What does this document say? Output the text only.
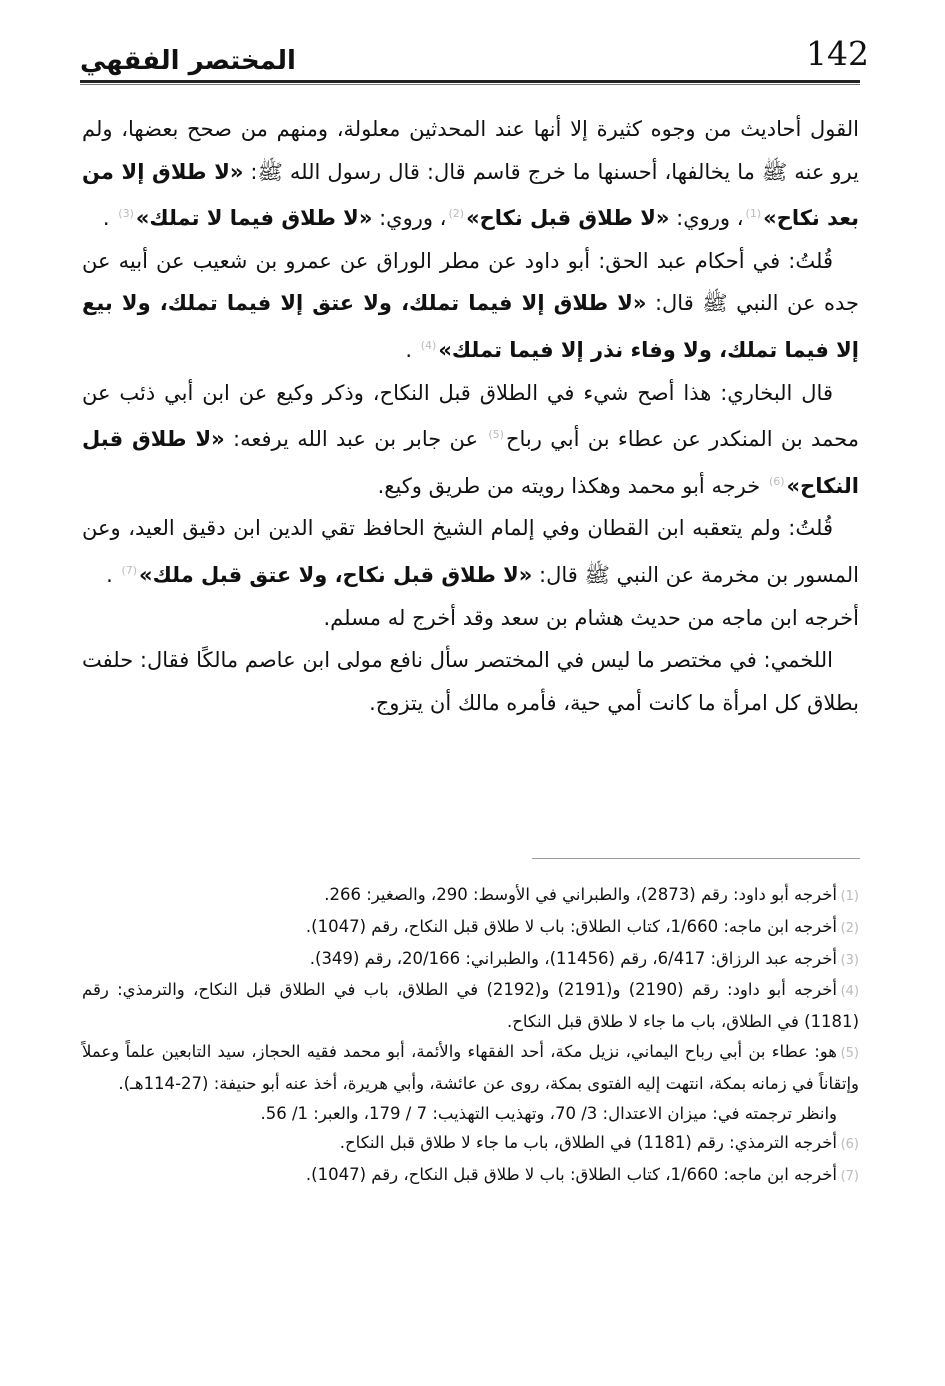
142
المختصر الفقهي

القول أحاديث من وجوه كثيرة إلا أنها عند المحدثين معلولة، ومنهم من صحح بعضها، ولم يرو عنه ﷺ ما يخالفها، أحسنها ما خرج قاسم قال: قال رسول الله ﷺ: «لا طلاق إلا من بعد نكاح»$^{(1)}$، وروي: «لا طلاق قبل نكاح»$^{(2)}$، وروي: «لا طلاق فيما لا تملك»$^{(3)}$ .

قُلتُ: في أحكام عبد الحق: أبو داود عن مطر الوراق عن عمرو بن شعيب عن أبيه عن جده عن النبي ﷺ قال: «لا طلاق إلا فيما تملك، ولا عتق إلا فيما تملك، ولا بيع إلا فيما تملك، ولا وفاء نذر إلا فيما تملك»$^{(4)}$ .

قال البخاري: هذا أصح شيء في الطلاق قبل النكاح، وذكر وكيع عن ابن أبي ذئب عن محمد بن المنكدر عن عطاء بن أبي رباح$^{(5)}$ عن جابر بن عبد الله يرفعه: «لا طلاق قبل النكاح»$^{(6)}$ خرجه أبو محمد وهكذا رويته من طريق وكيع.

قُلتُ: ولم يتعقبه ابن القطان وفي إلمام الشيخ الحافظ تقي الدين ابن دقيق العيد، وعن المسور بن مخرمة عن النبي ﷺ قال: «لا طلاق قبل نكاح، ولا عتق قبل ملك»$^{(7)}$ .

أخرجه ابن ماجه من حديث هشام بن سعد وقد أخرج له مسلم.

اللخمي: في مختصر ما ليس في المختصر سأل نافع مولى ابن عاصم مالكًا فقال: حلفت بطلاق كل امرأة ما كانت أمي حية، فأمره مالك أن يتزوج.

(1)أخرجه أبو داود: رقم (2873)، والطبراني في الأوسط: 290، والصغير: 266.
(2)أخرجه ابن ماجه: 1/660، كتاب الطلاق: باب لا طلاق قبل النكاح، رقم (1047).
(3)أخرجه عبد الرزاق: 6/417، رقم (11456)، والطبراني: 20/166، رقم (349).
(4)أخرجه أبو داود: رقم (2190) و(2191) و(2192) في الطلاق، باب في الطلاق قبل النكاح، والترمذي: رقم (1181) في الطلاق، باب ما جاء لا طلاق قبل النكاح.
(5)هو: عطاء بن أبي رباح اليماني، نزيل مكة، أحد الفقهاء والأئمة، أبو محمد فقيه الحجاز، سيد التابعين علماً وعملاً وإتقاناً في زمانه بمكة، انتهت إليه الفتوى بمكة، روى عن عائشة، وأبي هريرة، أخذ عنه أبو حنيفة: (27-114هـ).
وانظر ترجمته في: ميزان الاعتدال: 3/ 70، وتهذيب التهذيب: 7 / 179، والعبر: 1/ 56.
(6)أخرجه الترمذي: رقم (1181) في الطلاق، باب ما جاء لا طلاق قبل النكاح.
(7)أخرجه ابن ماجه: 1/660، كتاب الطلاق: باب لا طلاق قبل النكاح، رقم (1047).
